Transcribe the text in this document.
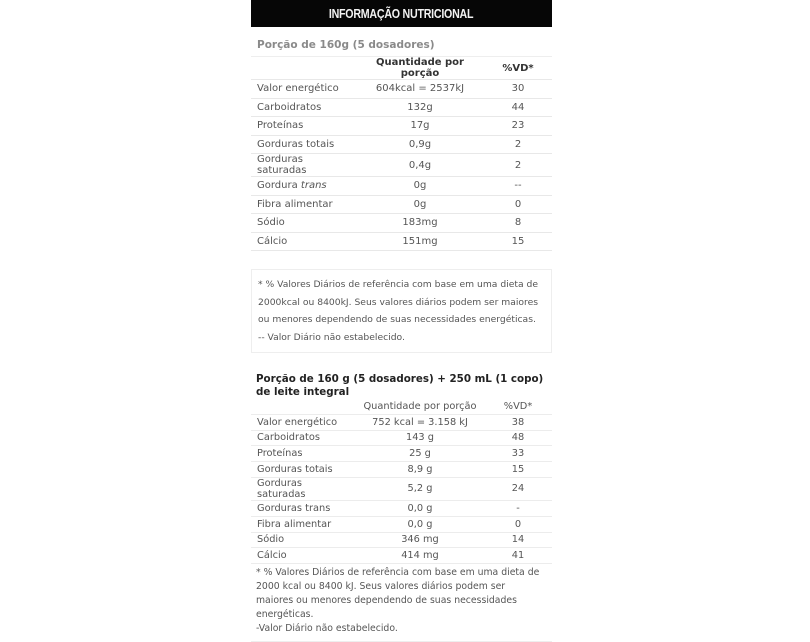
INFORMAÇÃO NUTRICIONAL
Porção de 160g (5 dosadores)
	Quantidade por porção	%VD*
Valor energético	604kcal = 2537kJ	30
Carboidratos	132g	44
Proteínas	17g	23
Gorduras totais	0,9g	2
Gorduras saturadas	0,4g	2
Gordura trans	0g	--
Fibra alimentar	0g	0
Sódio	183mg	8
Cálcio	151mg	15
* % Valores Diários de referência com base em uma dieta de
2000kcal ou 8400kJ. Seus valores diários podem ser maiores
ou menores dependendo de suas necessidades energéticas.
-- Valor Diário não estabelecido.
Porção de 160 g (5 dosadores) + 250 mL (1 copo) de leite integral
	Quantidade por porção	%VD*
Valor energético	752 kcal = 3.158 kJ	38
Carboidratos	143 g	48
Proteínas	25 g	33
Gorduras totais	8,9 g	15
Gorduras saturadas	5,2 g	24
Gorduras trans	0,0 g	-
Fibra alimentar	0,0 g	0
Sódio	346 mg	14
Cálcio	414 mg	41
* % Valores Diários de referência com base em uma dieta de
2000 kcal ou 8400 kJ. Seus valores diários podem ser
maiores ou menores dependendo de suas necessidades
energéticas.
-Valor Diário não estabelecido.
